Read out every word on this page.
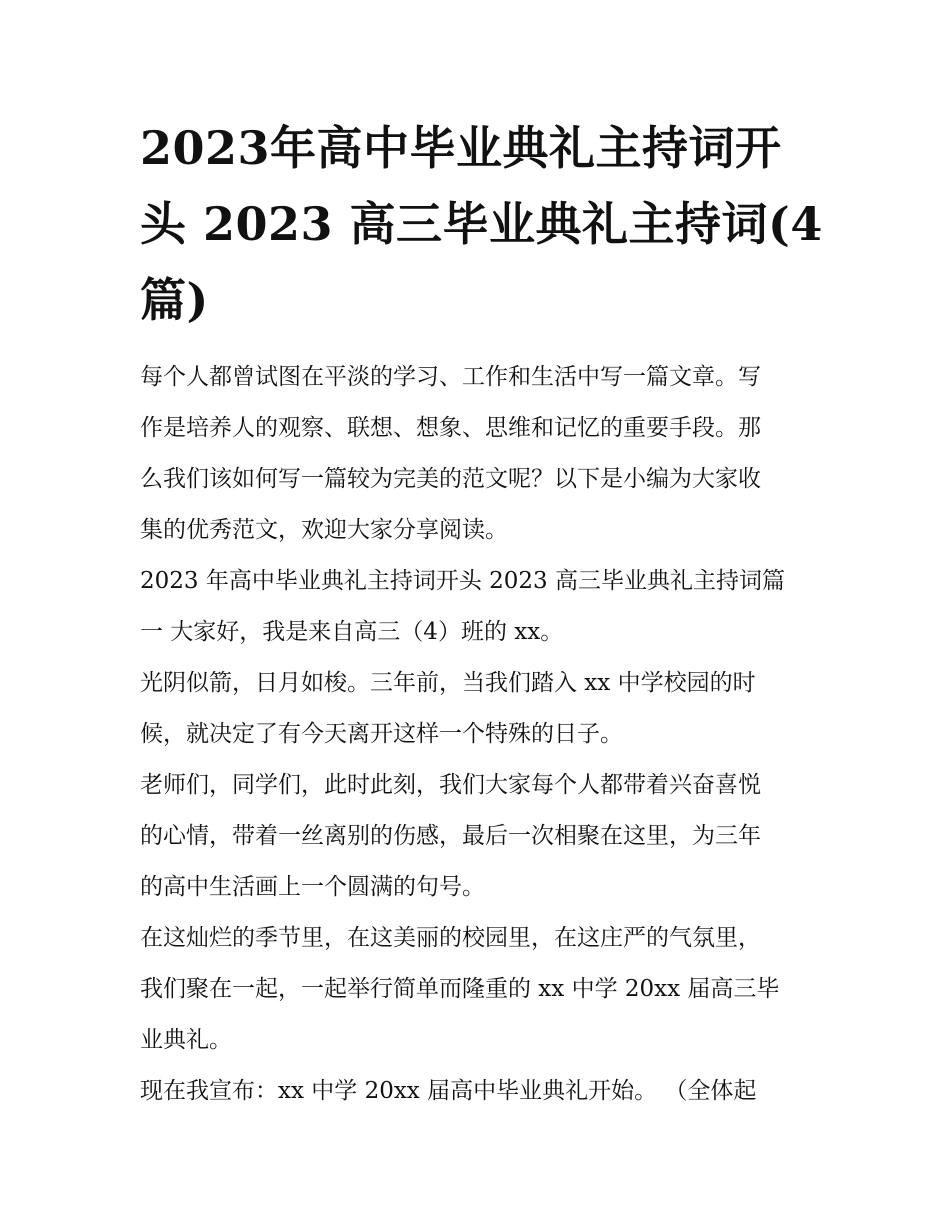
2023年高中毕业典礼主持词开
头 2023 高三毕业典礼主持词(4
篇)

每个人都曾试图在平淡的学习、工作和生活中写一篇文章。写
作是培养人的观察、联想、想象、思维和记忆的重要手段。那
么我们该如何写一篇较为完美的范文呢？以下是小编为大家收
集的优秀范文，欢迎大家分享阅读。

2023 年高中毕业典礼主持词开头 2023 高三毕业典礼主持词篇
一 大家好，我是来自高三（4）班的 xx。

光阴似箭，日月如梭。三年前，当我们踏入 xx 中学校园的时
候，就决定了有今天离开这样一个特殊的日子。

老师们，同学们，此时此刻，我们大家每个人都带着兴奋喜悦
的心情，带着一丝离别的伤感，最后一次相聚在这里，为三年
的高中生活画上一个圆满的句号。

在这灿烂的季节里，在这美丽的校园里，在这庄严的气氛里，
我们聚在一起，一起举行简单而隆重的 xx 中学 20xx 届高三毕
业典礼。

现在我宣布：xx 中学 20xx 届高中毕业典礼开始。 （全体起
